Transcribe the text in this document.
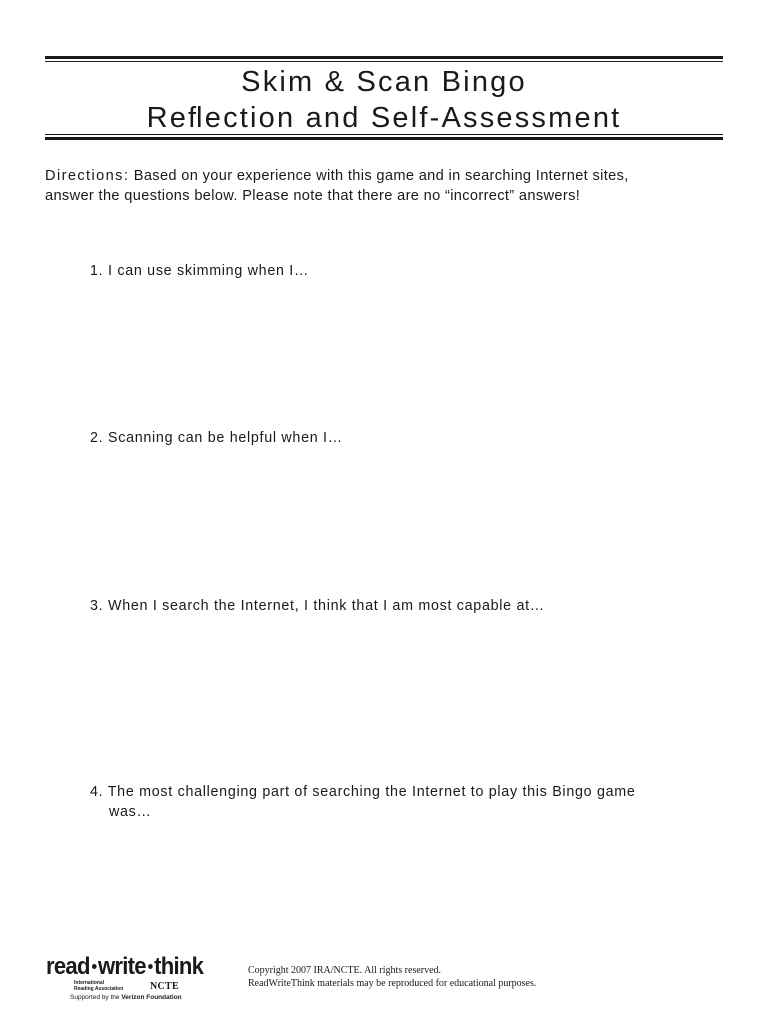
Skim & Scan Bingo
Reﬂection and Self-Assessment
Directions: Based on your experience with this game and in searching Internet sites,
answer the questions below. Please note that there are no “incorrect” answers!
1. I can use skimming when I…
2. Scanning can be helpful when I…
3. When I search the Internet, I think that I am most capable at…
4. The most challenging part of searching the Internet to play this Bingo game
was…
read write think
International
Reading Association	NCTE
Supported by the Verizon Foundation
Copyright 2007 IRA/NCTE. All rights reserved.
ReadWriteThink materials may be reproduced for educational purposes.
